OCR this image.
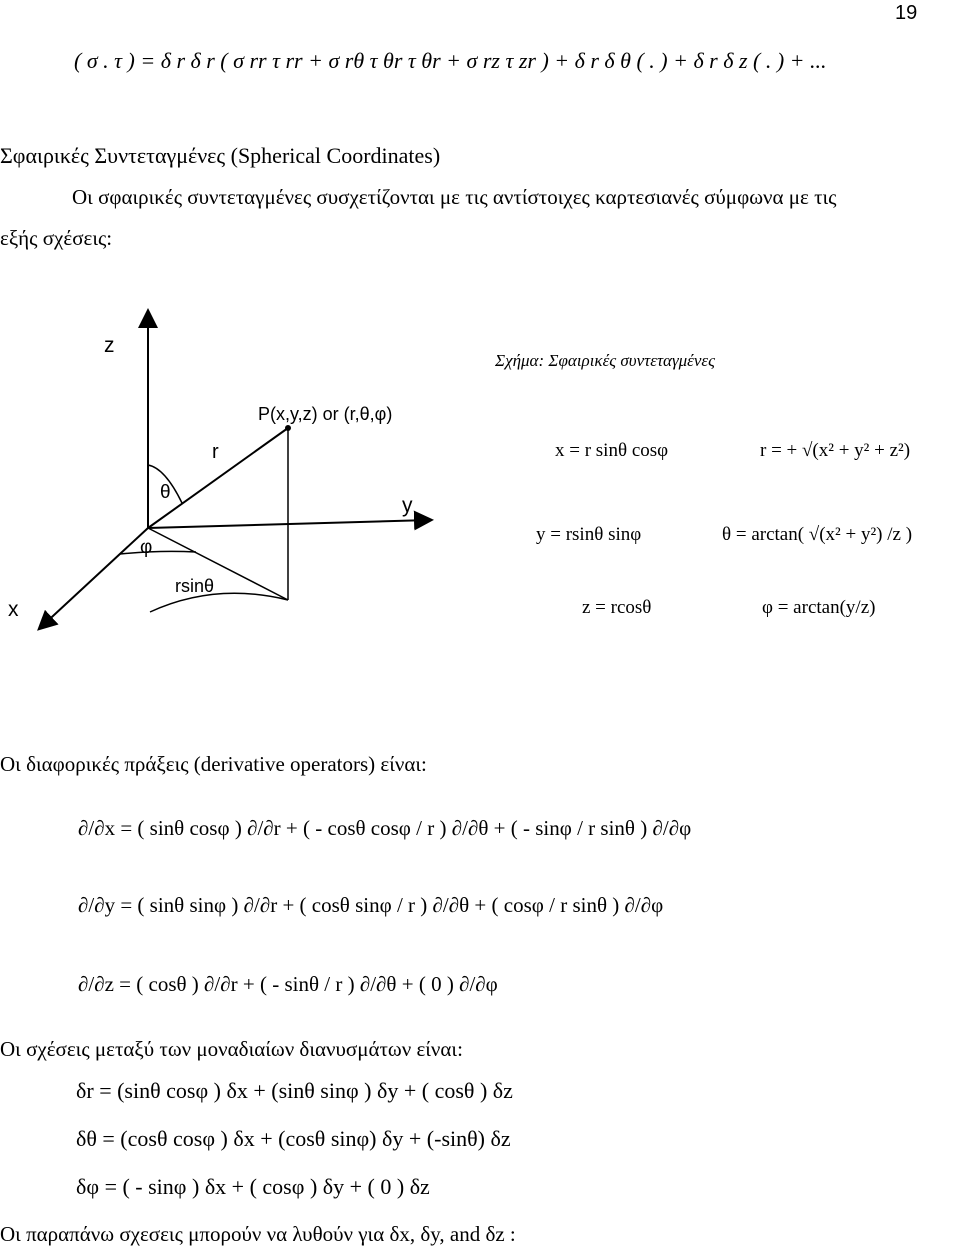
19
( σ . τ ) = δ r δ r ( σ rr τ rr + σ rθ τ θr τ θr + σ rz τ zr ) + δ r δ θ ( . ) + δ r δ z ( . ) + ...
Σφαιρικές Συντεταγμένες (Spherical Coordinates)
Οι σφαιρικές συντεταγμένες συσχετίζονται με τις αντίστοιχες καρτεσιανές σύμφωνα με τις
εξής σχέσεις:
z
y
x
r
P(x,y,z) or (r,θ,φ)
θ
φ
rsinθ
Σχήμα: Σφαιρικές συντεταγμένες
x = r sinθ cosφ	r = + √(x² + y² + z²)
y = rsinθ sinφ	θ = arctan( √(x² + y²) /z )
z = rcosθ	φ = arctan(y/z)
Οι διαφορικές πράξεις (derivative operators) είναι:
∂/∂x = ( sinθ cosφ ) ∂/∂r + ( - cosθ cosφ / r ) ∂/∂θ + ( - sinφ / r sinθ ) ∂/∂φ
∂/∂y = ( sinθ sinφ ) ∂/∂r + ( cosθ sinφ / r ) ∂/∂θ + ( cosφ / r sinθ ) ∂/∂φ
∂/∂z = ( cosθ ) ∂/∂r + ( - sinθ / r ) ∂/∂θ + ( 0 ) ∂/∂φ
Οι σχέσεις μεταξύ των μοναδιαίων διανυσμάτων είναι:
δr = (sinθ cosφ ) δx + (sinθ sinφ ) δy + ( cosθ ) δz
δθ = (cosθ cosφ ) δx + (cosθ sinφ) δy + (-sinθ) δz
δφ = ( - sinφ ) δx + ( cosφ ) δy + ( 0 ) δz
Οι παραπάνω σχεσεις μπορούν να λυθούν για δx, δy, and δz :
